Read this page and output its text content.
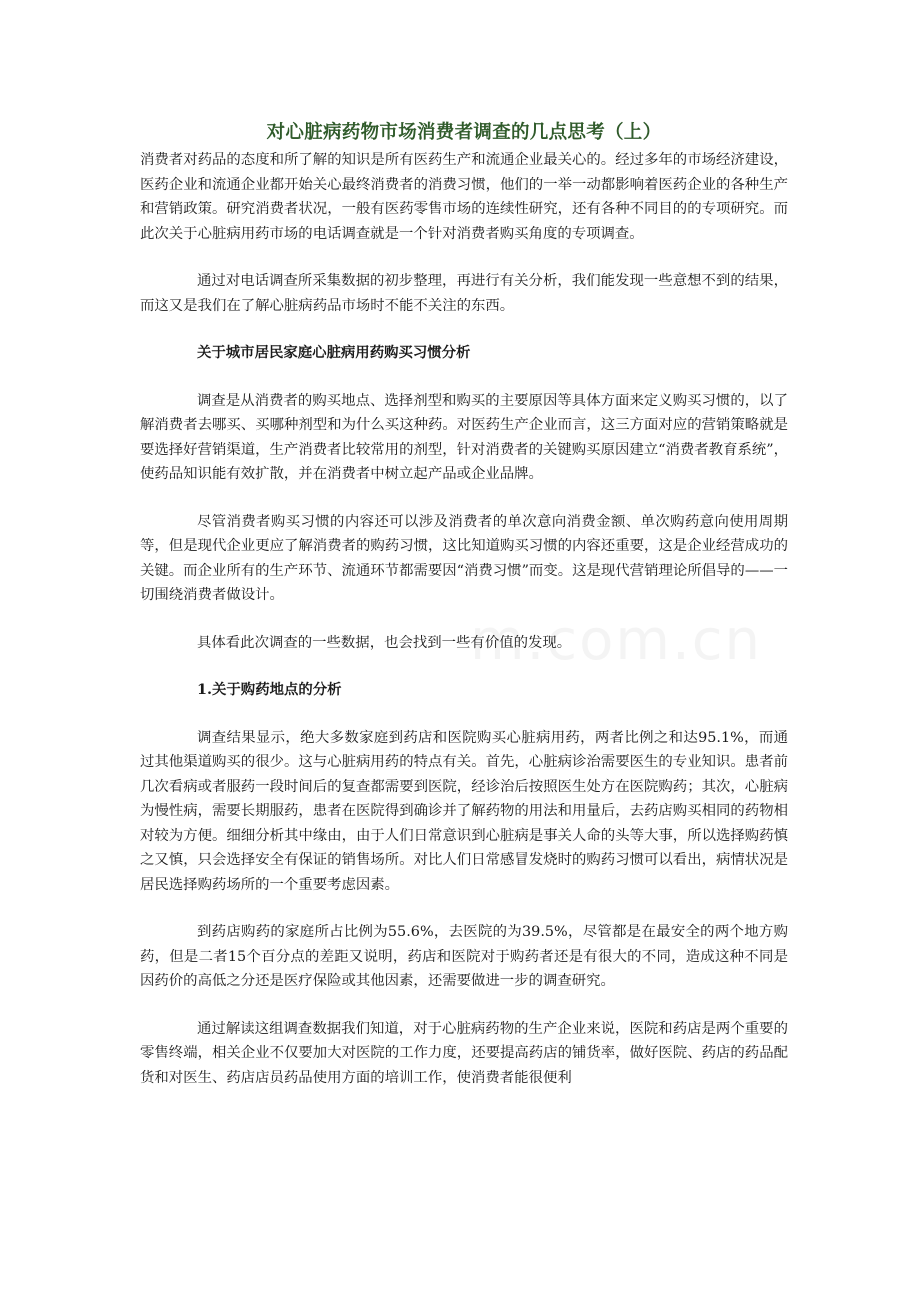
m.com.cn
对心脏病药物市场消费者调查的几点思考（上）

消费者对药品的态度和所了解的知识是所有医药生产和流通企业最关心的。经过多年的市场经济建设，医药企业和流通企业都开始关心最终消费者的消费习惯，他们的一举一动都影响着医药企业的各种生产和营销政策。研究消费者状况，一般有医药零售市场的连续性研究，还有各种不同目的的专项研究。而此次关于心脏病用药市场的电话调查就是一个针对消费者购买角度的专项调查。

通过对电话调查所采集数据的初步整理，再进行有关分析，我们能发现一些意想不到的结果，而这又是我们在了解心脏病药品市场时不能不关注的东西。

关于城市居民家庭心脏病用药购买习惯分析

调查是从消费者的购买地点、选择剂型和购买的主要原因等具体方面来定义购买习惯的，以了解消费者去哪买、买哪种剂型和为什么买这种药。对医药生产企业而言，这三方面对应的营销策略就是要选择好营销渠道，生产消费者比较常用的剂型，针对消费者的关键购买原因建立“消费者教育系统”，使药品知识能有效扩散，并在消费者中树立起产品或企业品牌。

尽管消费者购买习惯的内容还可以涉及消费者的单次意向消费金额、单次购药意向使用周期等，但是现代企业更应了解消费者的购药习惯，这比知道购买习惯的内容还重要，这是企业经营成功的关键。而企业所有的生产环节、流通环节都需要因“消费习惯”而变。这是现代营销理论所倡导的——一切围绕消费者做设计。

具体看此次调查的一些数据，也会找到一些有价值的发现。

1.关于购药地点的分析

调查结果显示，绝大多数家庭到药店和医院购买心脏病用药，两者比例之和达95.1%，而通过其他渠道购买的很少。这与心脏病用药的特点有关。首先，心脏病诊治需要医生的专业知识。患者前几次看病或者服药一段时间后的复查都需要到医院，经诊治后按照医生处方在医院购药；其次，心脏病为慢性病，需要长期服药，患者在医院得到确诊并了解药物的用法和用量后，去药店购买相同的药物相对较为方便。细细分析其中缘由，由于人们日常意识到心脏病是事关人命的头等大事，所以选择购药慎之又慎，只会选择安全有保证的销售场所。对比人们日常感冒发烧时的购药习惯可以看出，病情状况是居民选择购药场所的一个重要考虑因素。

到药店购药的家庭所占比例为55.6%，去医院的为39.5%，尽管都是在最安全的两个地方购药，但是二者15个百分点的差距又说明，药店和医院对于购药者还是有很大的不同，造成这种不同是因药价的高低之分还是医疗保险或其他因素，还需要做进一步的调查研究。

通过解读这组调查数据我们知道，对于心脏病药物的生产企业来说，医院和药店是两个重要的零售终端，相关企业不仅要加大对医院的工作力度，还要提高药店的铺货率，做好医院、药店的药品配货和对医生、药店店员药品使用方面的培训工作，使消费者能很便利
